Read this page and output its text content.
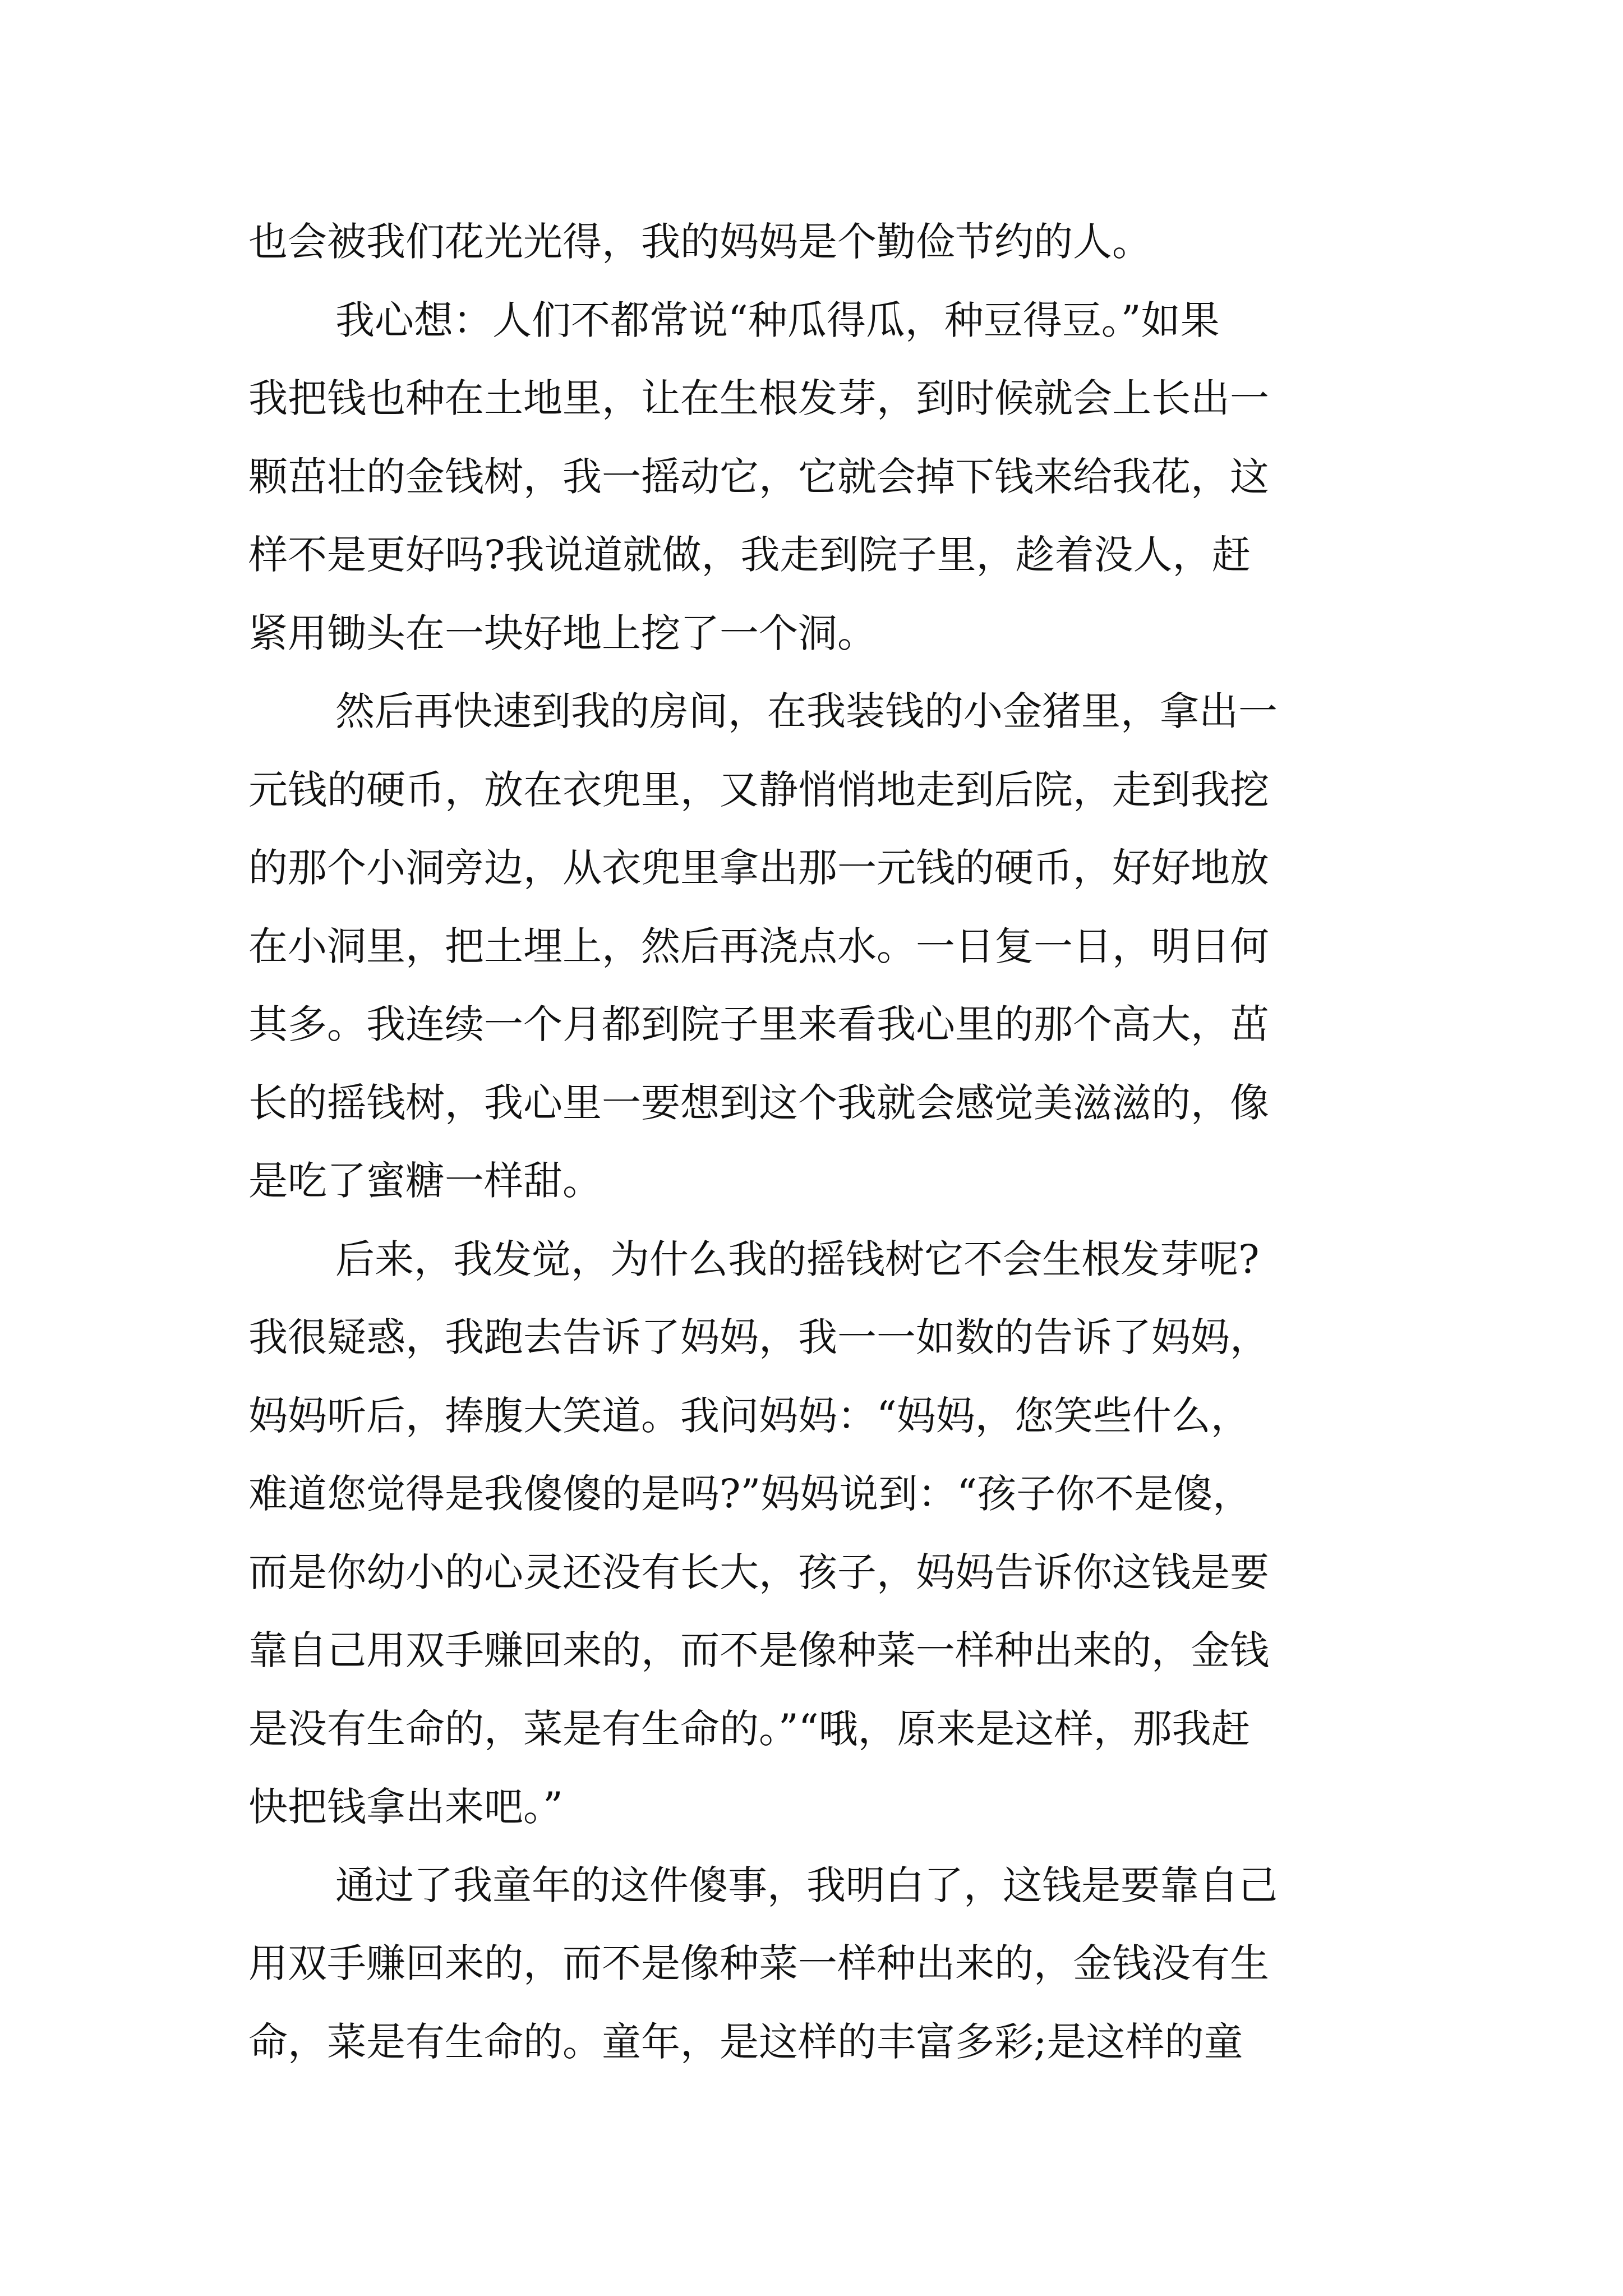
也会被我们花光光得，我的妈妈是个勤俭节约的人。
我心想：人们不都常说“种瓜得瓜，种豆得豆。”如果
我把钱也种在土地里，让在生根发芽，到时候就会上长出一
颗茁壮的金钱树，我一摇动它，它就会掉下钱来给我花，这
样不是更好吗?我说道就做，我走到院子里，趁着没人，赶
紧用锄头在一块好地上挖了一个洞。
然后再快速到我的房间，在我装钱的小金猪里，拿出一
元钱的硬币，放在衣兜里，又静悄悄地走到后院，走到我挖
的那个小洞旁边，从衣兜里拿出那一元钱的硬币，好好地放
在小洞里，把土埋上，然后再浇点水。一日复一日，明日何
其多。我连续一个月都到院子里来看我心里的那个高大，茁
长的摇钱树，我心里一要想到这个我就会感觉美滋滋的，像
是吃了蜜糖一样甜。
后来，我发觉，为什么我的摇钱树它不会生根发芽呢?
我很疑惑，我跑去告诉了妈妈，我一一如数的告诉了妈妈，
妈妈听后，捧腹大笑道。我问妈妈：“妈妈，您笑些什么，
难道您觉得是我傻傻的是吗?”妈妈说到：“孩子你不是傻，
而是你幼小的心灵还没有长大，孩子，妈妈告诉你这钱是要
靠自己用双手赚回来的，而不是像种菜一样种出来的，金钱
是没有生命的，菜是有生命的。”“哦，原来是这样，那我赶
快把钱拿出来吧。”
通过了我童年的这件傻事，我明白了，这钱是要靠自己
用双手赚回来的，而不是像种菜一样种出来的，金钱没有生
命，菜是有生命的。童年，是这样的丰富多彩;是这样的童
